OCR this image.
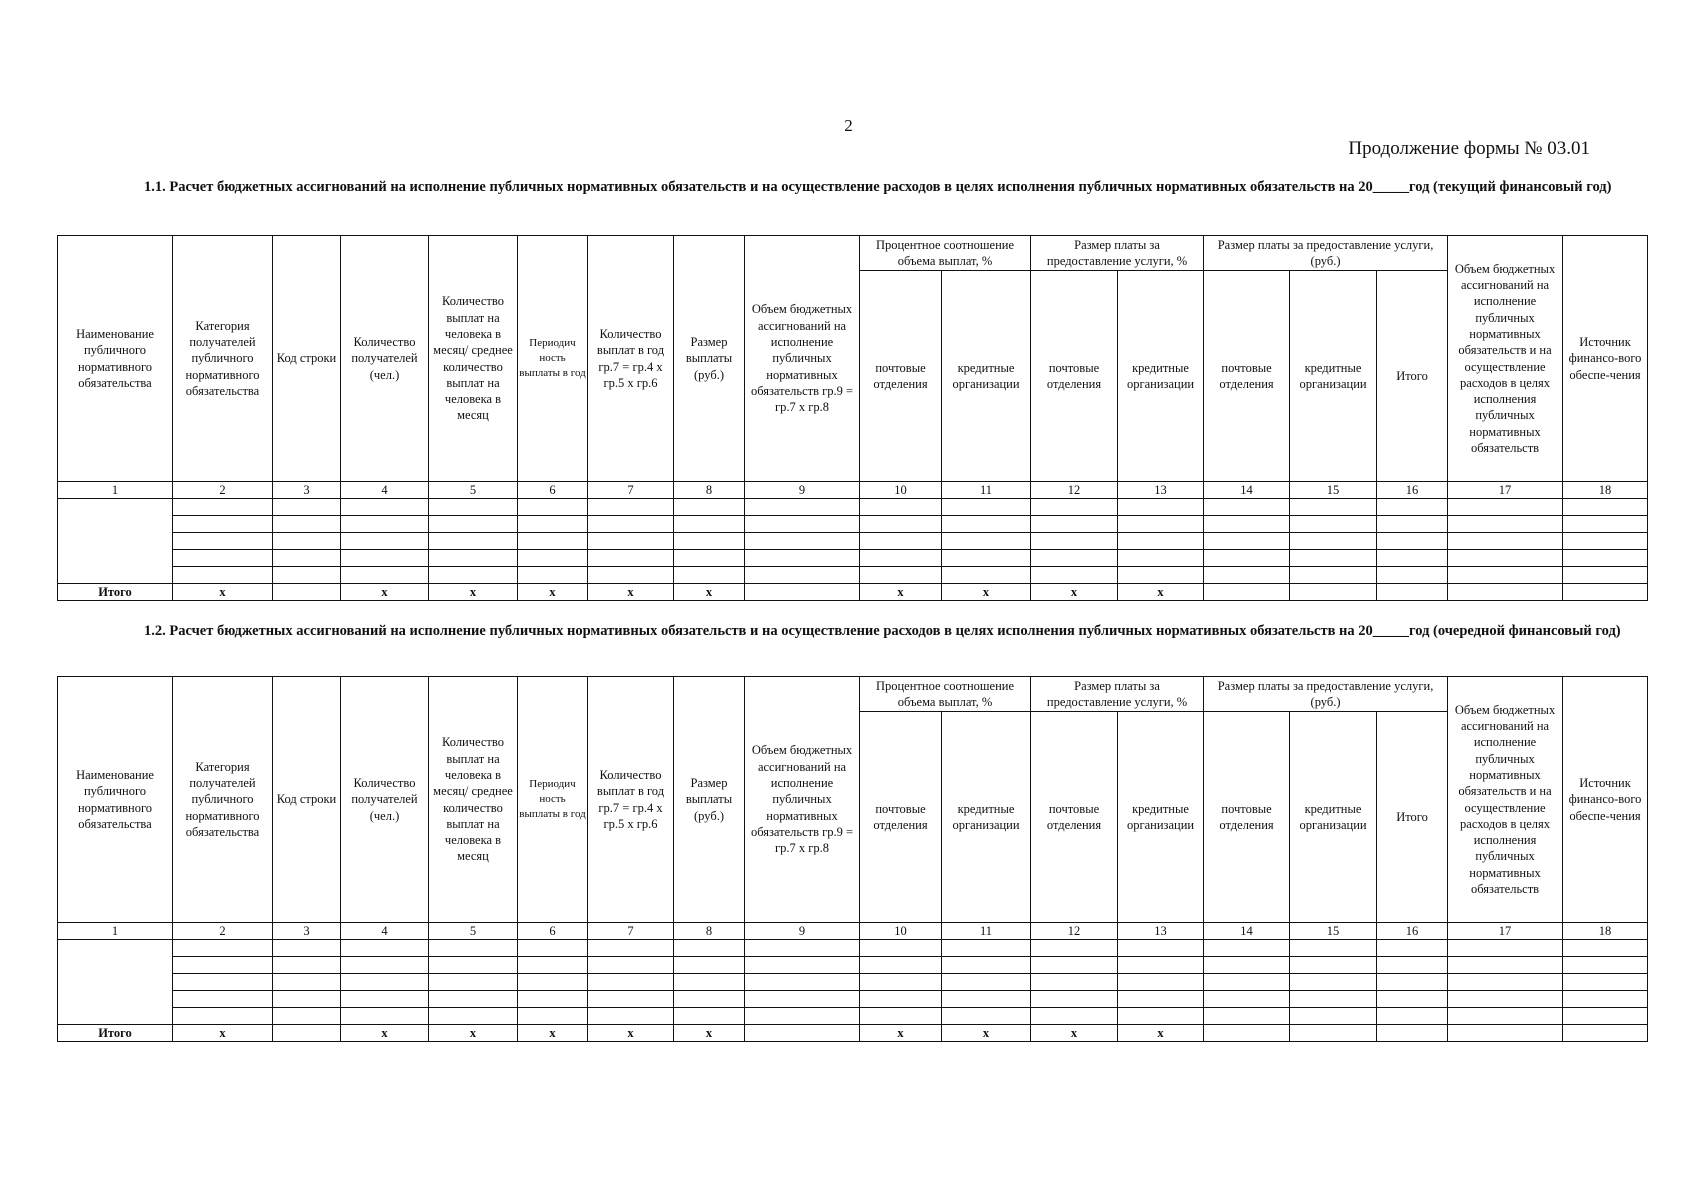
2
Продолжение формы № 03.01
1.1. Расчет бюджетных ассигнований на исполнение публичных нормативных обязательств и на осуществление расходов в целях исполнения публичных нормативных обязательств на 20_____год (текущий финансовый год)
Наименование публичного нормативного обязательства	Категория получателей публичного нормативного обязательства	Код строки	Количество получателей (чел.)	Количество выплат на человека в месяц/ среднее количество выплат на человека в месяц	Периодич ность выплаты в год	Количество выплат в год гр.7 = гр.4 х гр.5 х гр.6	Размер выплаты (руб.)	Объем бюджетных ассигнований на исполнение публичных нормативных обязательств гр.9 = гр.7 х гр.8	Процентное соотношение объема выплат, %		Размер платы за предоставление услуги, %		Размер платы за предоставление услуги, (руб.)			Объем бюджетных ассигнований на исполнение публичных нормативных обязательств и на осуществление расходов в целях исполнения публичных нормативных обязательств	Источник финансо-вого обеспе-чения
									почтовые отделения	кредитные организации	почтовые отделения	кредитные организации	почтовые отделения	кредитные организации	Итого		
1	2	3	4	5	6	7	8	9	10	11	12	13	14	15	16	17	18

Итого	x		x	x	x	x	x		x	x	x	x					
1.2. Расчет бюджетных ассигнований на исполнение публичных нормативных обязательств и на осуществление расходов в целях исполнения публичных нормативных обязательств на 20_____год (очередной финансовый год)
Наименование публичного нормативного обязательства	Категория получателей публичного нормативного обязательства	Код строки	Количество получателей (чел.)	Количество выплат на человека в месяц/ среднее количество выплат на человека в месяц	Периодич ность выплаты в год	Количество выплат в год гр.7 = гр.4 х гр.5 х гр.6	Размер выплаты (руб.)	Объем бюджетных ассигнований на исполнение публичных нормативных обязательств гр.9 = гр.7 х гр.8	Процентное соотношение объема выплат, %		Размер платы за предоставление услуги, %		Размер платы за предоставление услуги, (руб.)			Объем бюджетных ассигнований на исполнение публичных нормативных обязательств и на осуществление расходов в целях исполнения публичных нормативных обязательств	Источник финансо-вого обеспе-чения
									почтовые отделения	кредитные организации	почтовые отделения	кредитные организации	почтовые отделения	кредитные организации	Итого		
1	2	3	4	5	6	7	8	9	10	11	12	13	14	15	16	17	18

Итого	x		x	x	x	x	x		x	x	x	x					
